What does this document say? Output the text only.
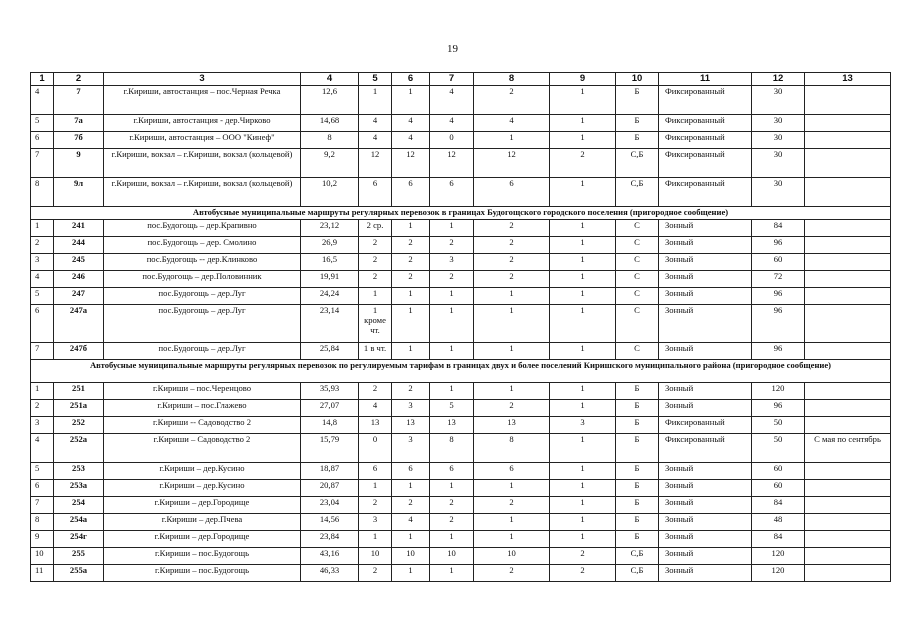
19
1	2	3	4	5	6	7	8	9	10	11	12	13
4	7	г.Кириши, автостанция – пос.Черная Речка	12,6	1	1	4	2	1	Б	Фиксированный	30	
5	7а	г.Кириши, автостанция - дер.Чирково	14,68	4	4	4	4	1	Б	Фиксированный	30	
6	7б	г.Кириши, автостанция – ООО "Кинеф"	8	4	4	0	1	1	Б	Фиксированный	30	
7	9	г.Кириши, вокзал – г.Кириши, вокзал (кольцевой)	9,2	12	12	12	12	2	С,Б	Фиксированный	30	
8	9л	г.Кириши, вокзал – г.Кириши, вокзал (кольцевой)	10,2	6	6	6	6	1	С,Б	Фиксированный	30	
Автобусные муниципальные маршруты регулярных перевозок в границах Будогощского городского поселения (пригородное сообщение)												
1	241	пос.Будогощь – дер.Крапивно	23,12	2 ср.	1	1	2	1	С	Зонный	84	
2	244	пос.Будогощь – дер. Смолино	26,9	2	2	2	2	1	С	Зонный	96	
3	245	пос.Будогощь -- дер.Клинково	16,5	2	2	3	2	1	С	Зонный	60	
4	246	пос.Будогощь – дер.Половинник	19,91	2	2	2	2	1	С	Зонный	72	
5	247	пос.Будогощь – дер.Луг	24,24	1	1	1	1	1	С	Зонный	96	
6	247а	пос.Будогощь – дер.Луг	23,14	1 кроме чт.	1	1	1	1	С	Зонный	96	
7	247б	пос.Будогощь – дер.Луг	25,84	1 в чт.	1	1	1	1	С	Зонный	96	
Автобусные муниципальные маршруты регулярных перевозок по регулируемым тарифам в границах двух и более поселений Киришского муниципального района (пригородное сообщение)												
1	251	г.Кириши – пос.Черенцово	35,93	2	2	1	1	1	Б	Зонный	120	
2	251а	г.Кириши – пос.Глажево	27,07	4	3	5	2	1	Б	Зонный	96	
3	252	г.Кириши -- Садоводство 2	14,8	13	13	13	13	3	Б	Фиксированный	50	
4	252а	г.Кириши – Садоводство 2	15,79	0	3	8	8	1	Б	Фиксированный	50	С мая по сентябрь
5	253	г.Кириши – дер.Кусино	18,87	6	6	6	6	1	Б	Зонный	60	
6	253а	г.Кириши – дер.Кусино	20,87	1	1	1	1	1	Б	Зонный	60	
7	254	г.Кириши – дер.Городище	23,04	2	2	2	2	1	Б	Зонный	84	
8	254а	г.Кириши – дер.Пчева	14,56	3	4	2	1	1	Б	Зонный	48	
9	254г	г.Кириши – дер.Городище	23,84	1	1	1	1	1	Б	Зонный	84	
10	255	г.Кириши – пос.Будогощь	43,16	10	10	10	10	2	С,Б	Зонный	120	
11	255а	г.Кириши – пос.Будогощь	46,33	2	1	1	2	2	С,Б	Зонный	120	
